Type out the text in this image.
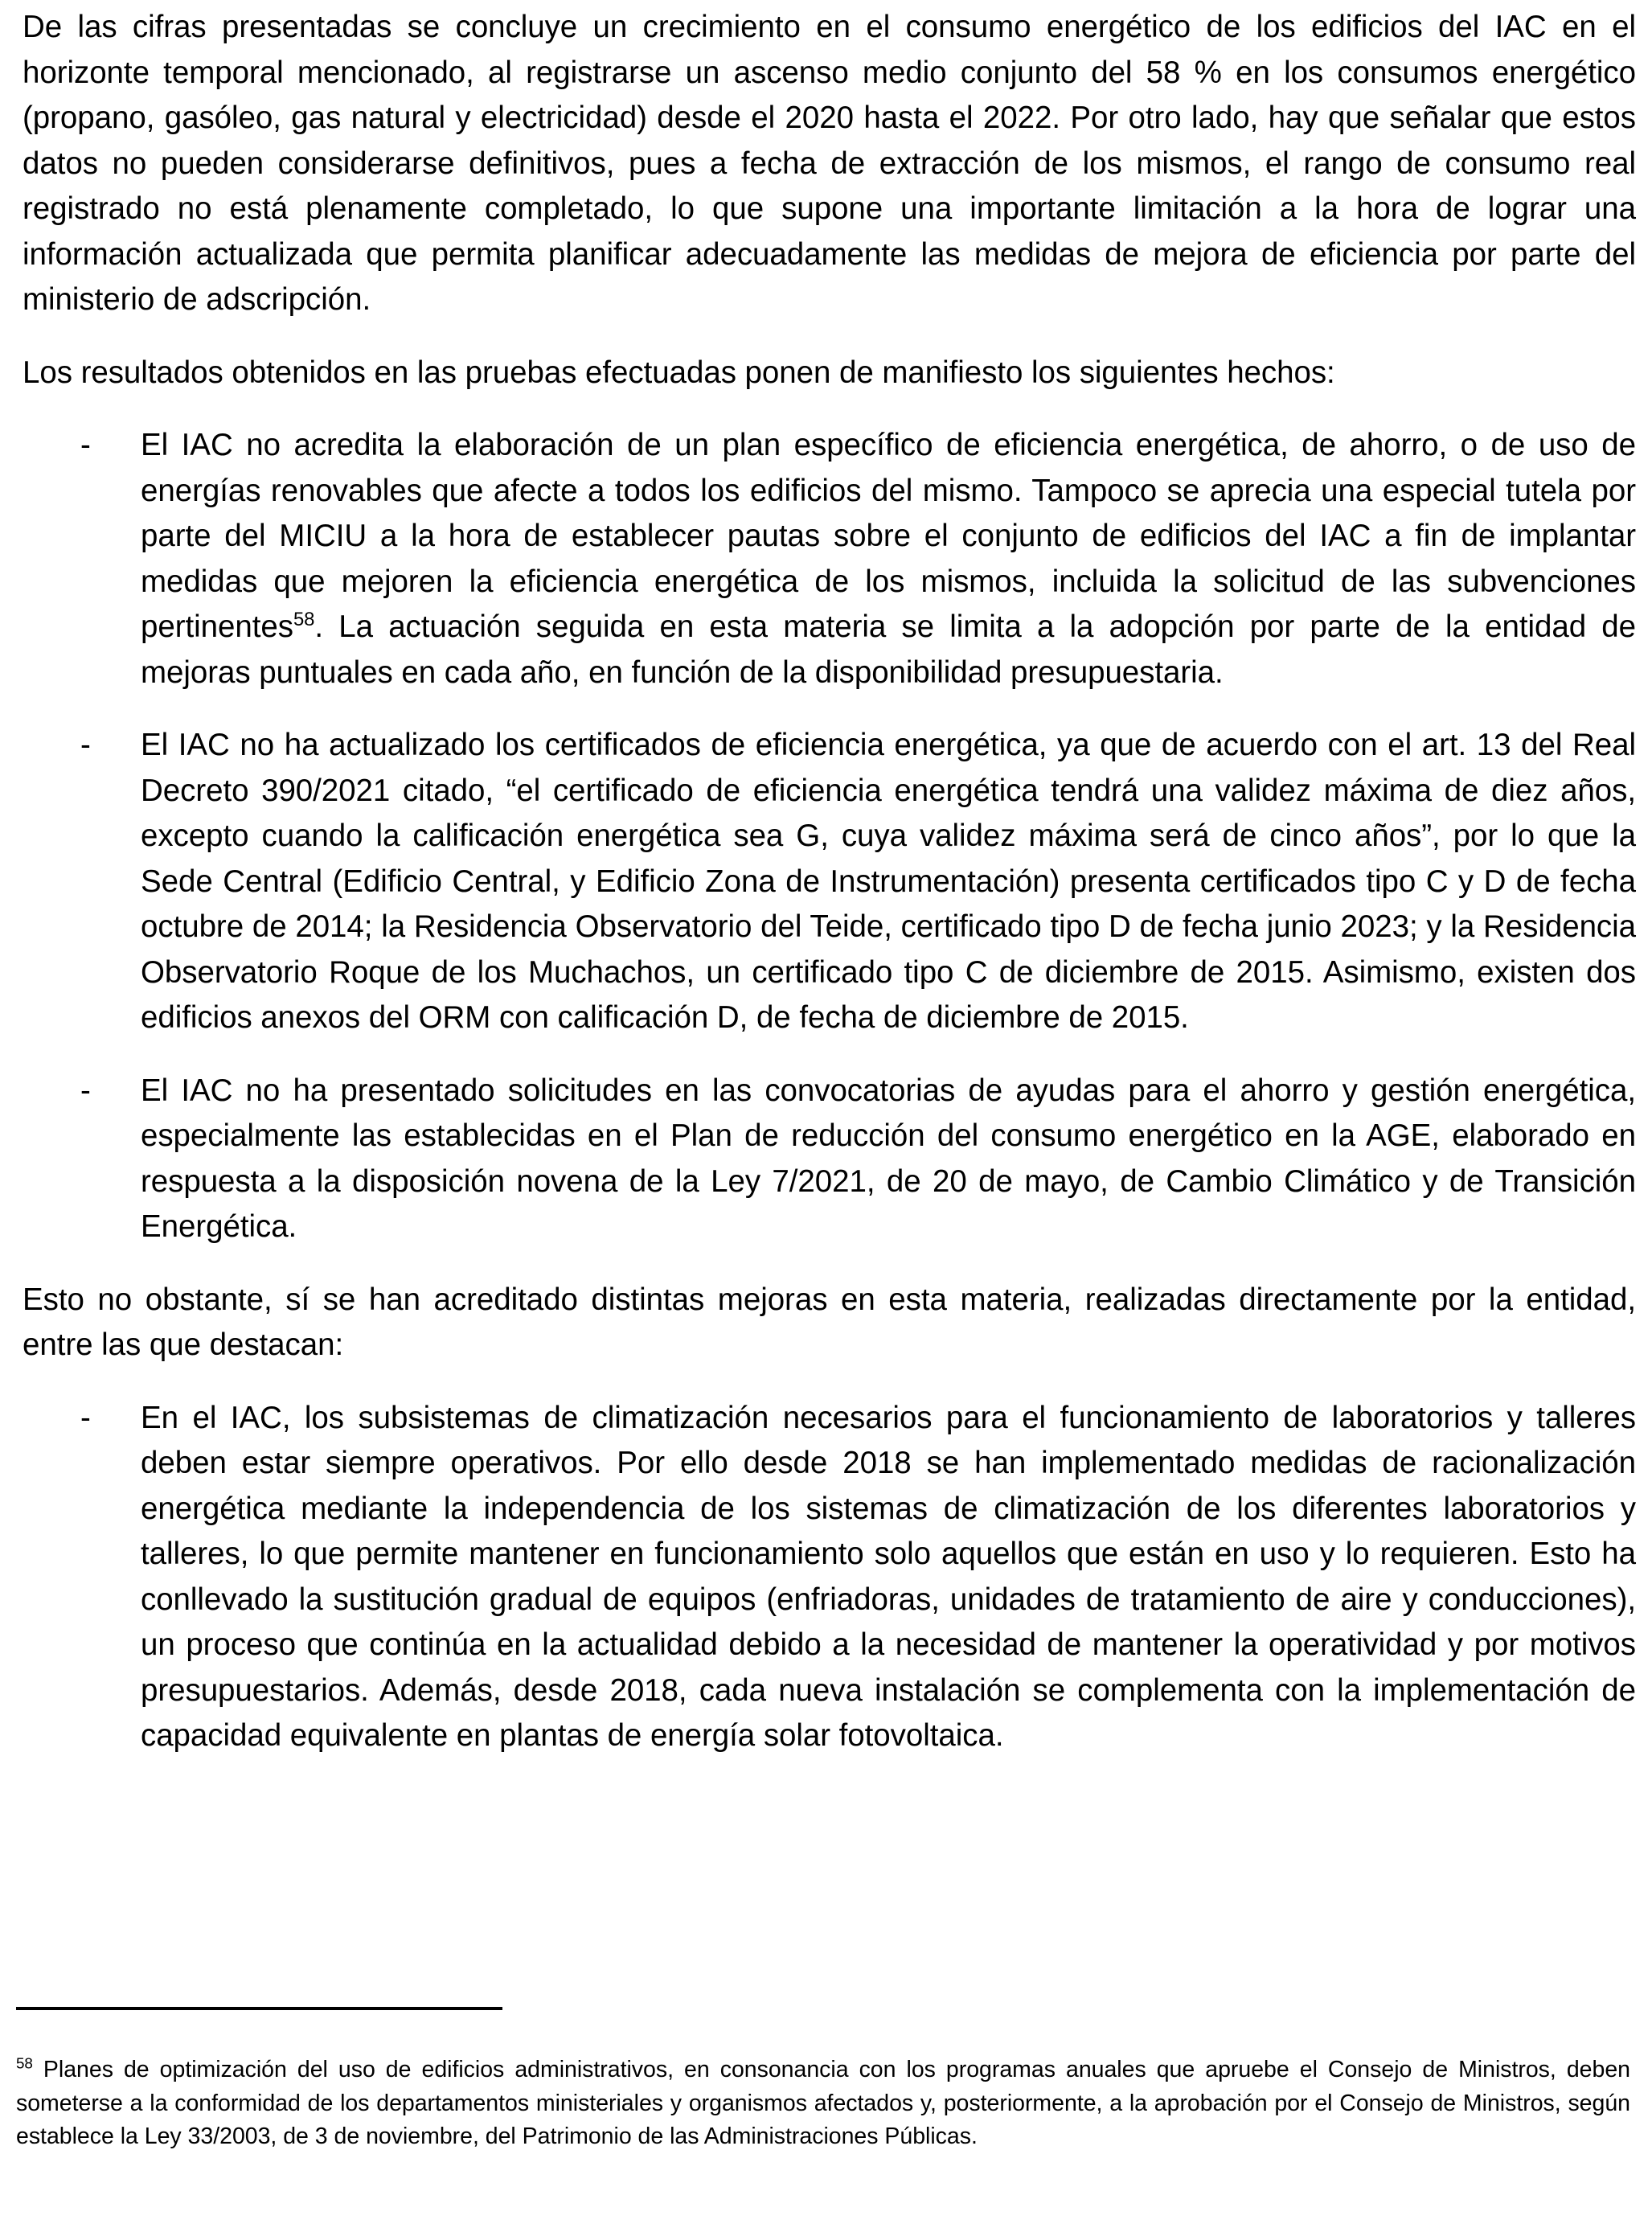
De las cifras presentadas se concluye un crecimiento en el consumo energético de los edificios del IAC en el horizonte temporal mencionado, al registrarse un ascenso medio conjunto del 58 % en los consumos energético (propano, gasóleo, gas natural y electricidad) desde el 2020 hasta el 2022. Por otro lado, hay que señalar que estos datos no pueden considerarse definitivos, pues a fecha de extracción de los mismos, el rango de consumo real registrado no está plenamente completado, lo que supone una importante limitación a la hora de lograr una información actualizada que permita planificar adecuadamente las medidas de mejora de eficiencia por parte del ministerio de adscripción.

Los resultados obtenidos en las pruebas efectuadas ponen de manifiesto los siguientes hechos:

-	El IAC no acredita la elaboración de un plan específico de eficiencia energética, de ahorro, o de uso de energías renovables que afecte a todos los edificios del mismo. Tampoco se aprecia una especial tutela por parte del MICIU a la hora de establecer pautas sobre el conjunto de edificios del IAC a fin de implantar medidas que mejoren la eficiencia energética de los mismos, incluida la solicitud de las subvenciones pertinentes$^{58}$. La actuación seguida en esta materia se limita a la adopción por parte de la entidad de mejoras puntuales en cada año, en función de la disponibilidad presupuestaria.
-	El IAC no ha actualizado los certificados de eficiencia energética, ya que de acuerdo con el art. 13 del Real Decreto 390/2021 citado, “el certificado de eficiencia energética tendrá una validez máxima de diez años, excepto cuando la calificación energética sea G, cuya validez máxima será de cinco años”, por lo que la Sede Central (Edificio Central, y Edificio Zona de Instrumentación) presenta certificados tipo C y D de fecha octubre de 2014; la Residencia Observatorio del Teide, certificado tipo D de fecha junio 2023; y la Residencia Observatorio Roque de los Muchachos, un certificado tipo C de diciembre de 2015. Asimismo, existen dos edificios anexos del ORM con calificación D, de fecha de diciembre de 2015.
-	El IAC no ha presentado solicitudes en las convocatorias de ayudas para el ahorro y gestión energética, especialmente las establecidas en el Plan de reducción del consumo energético en la AGE, elaborado en respuesta a la disposición novena de la Ley 7/2021, de 20 de mayo, de Cambio Climático y de Transición Energética.

Esto no obstante, sí se han acreditado distintas mejoras en esta materia, realizadas directamente por la entidad, entre las que destacan:

-	En el IAC, los subsistemas de climatización necesarios para el funcionamiento de laboratorios y talleres deben estar siempre operativos. Por ello desde 2018 se han implementado medidas de racionalización energética mediante la independencia de los sistemas de climatización de los diferentes laboratorios y talleres, lo que permite mantener en funcionamiento solo aquellos que están en uso y lo requieren. Esto ha conllevado la sustitución gradual de equipos (enfriadoras, unidades de tratamiento de aire y conducciones), un proceso que continúa en la actualidad debido a la necesidad de mantener la operatividad y por motivos presupuestarios. Además, desde 2018, cada nueva instalación se complementa con la implementación de capacidad equivalente en plantas de energía solar fotovoltaica.

$^{58}$ Planes de optimización del uso de edificios administrativos, en consonancia con los programas anuales que apruebe el Consejo de Ministros, deben someterse a la conformidad de los departamentos ministeriales y organismos afectados y, posteriormente, a la aprobación por el Consejo de Ministros, según establece la Ley 33/2003, de 3 de noviembre, del Patrimonio de las Administraciones Públicas.
